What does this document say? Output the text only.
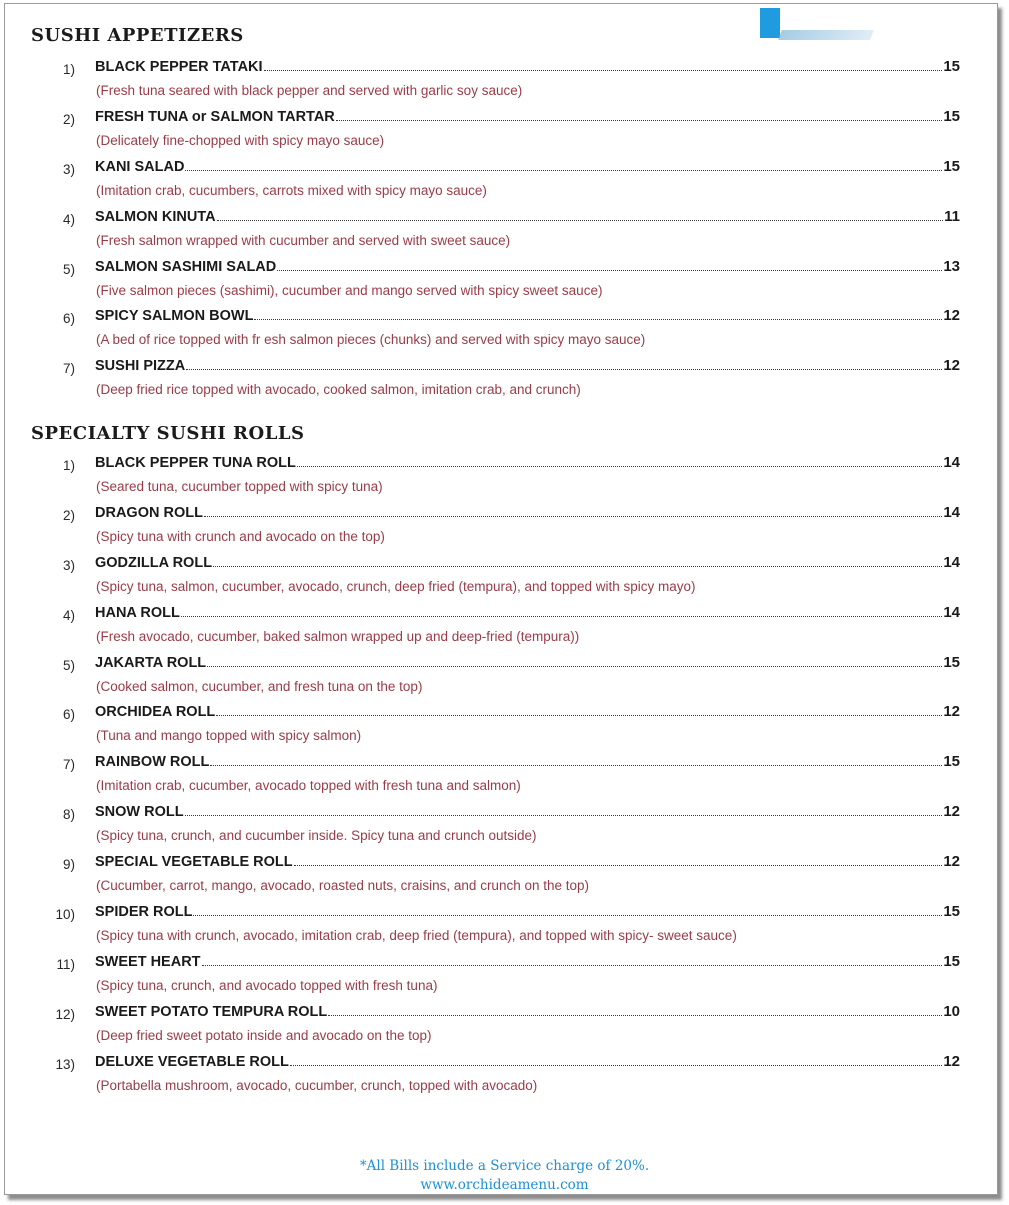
SUSHI APPETIZERS
1) BLACK PEPPER TATAKI	15
(Fresh tuna seared with black pepper and served with garlic soy sauce)
2) FRESH TUNA or SALMON TARTAR	15
(Delicately fine-chopped with spicy mayo sauce)
3) KANI SALAD	15
(Imitation crab, cucumbers, carrots mixed with spicy mayo sauce)
4) SALMON KINUTA	11
(Fresh salmon wrapped with cucumber and served with sweet sauce)
5) SALMON SASHIMI SALAD	13
(Five salmon pieces (sashimi), cucumber and mango served with spicy sweet sauce)
6) SPICY SALMON BOWL	12
(A bed of rice topped with fr esh salmon pieces (chunks) and served with spicy mayo sauce)
7) SUSHI PIZZA	12
(Deep fried rice topped with avocado, cooked salmon, imitation crab, and crunch)
SPECIALTY SUSHI ROLLS
1) BLACK PEPPER TUNA ROLL	14
(Seared tuna, cucumber topped with spicy tuna)
2) DRAGON ROLL	14
(Spicy tuna with crunch and avocado on the top)
3) GODZILLA ROLL	14
(Spicy tuna, salmon, cucumber, avocado, crunch, deep fried (tempura), and topped with spicy mayo)
4) HANA ROLL	14
(Fresh avocado, cucumber, baked salmon wrapped up and deep-fried (tempura))
5) JAKARTA ROLL	15
(Cooked salmon, cucumber, and fresh tuna on the top)
6) ORCHIDEA ROLL	12
(Tuna and mango topped with spicy salmon)
7) RAINBOW ROLL	15
(Imitation crab, cucumber, avocado topped with fresh tuna and salmon)
8) SNOW ROLL	12
(Spicy tuna, crunch, and cucumber inside. Spicy tuna and crunch outside)
9) SPECIAL VEGETABLE ROLL	12
(Cucumber, carrot, mango, avocado, roasted nuts, craisins, and crunch on the top)
10) SPIDER ROLL	15
(Spicy tuna with crunch, avocado, imitation crab, deep fried (tempura), and topped with spicy- sweet sauce)
11) SWEET HEART	15
(Spicy tuna, crunch, and avocado topped with fresh tuna)
12) SWEET POTATO TEMPURA ROLL	10
(Deep fried sweet potato inside and avocado on the top)
13) DELUXE VEGETABLE ROLL	12
(Portabella mushroom, avocado, cucumber, crunch, topped with avocado)
*All Bills include a Service charge of 20%.
www.orchideamenu.com
